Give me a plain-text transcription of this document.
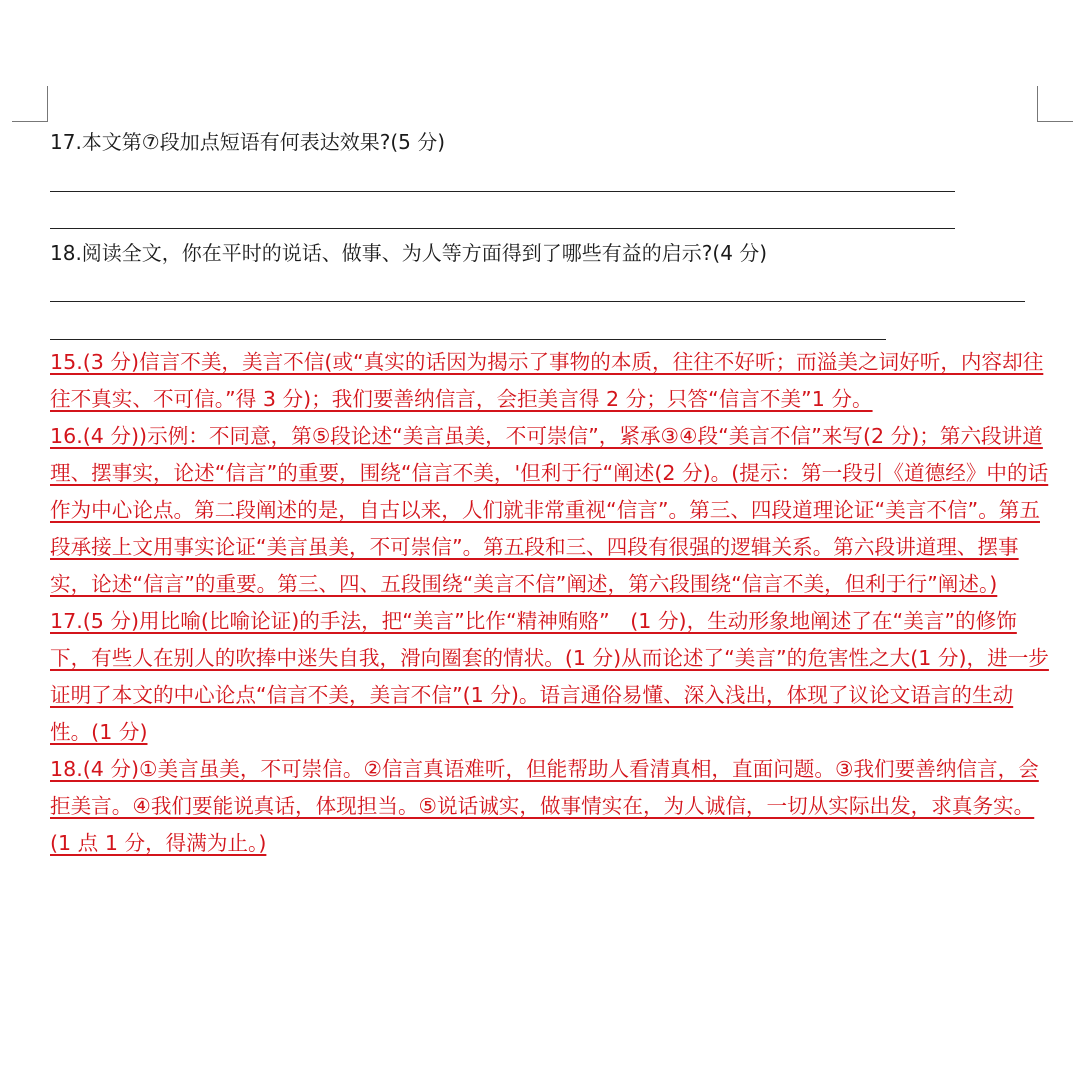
17.本文第⑦段加点短语有何表达效果?(5 分)
18.阅读全文，你在平时的说话、做事、为人等方面得到了哪些有益的启示?(4 分)

15.(3 分)信言不美，美言不信(或“真实的话因为揭示了事物的本质，往往不好听；而溢美之词好听，内容却往往不真实、不可信。”得 3 分)；我们要善纳信言，会拒美言得 2 分；只答“信言不美”1 分。

16.(4 分))示例：不同意，第⑤段论述“美言虽美，不可崇信”，紧承③④段“美言不信”来写(2 分)；第六段讲道理、摆事实，论述“信言”的重要，围绕“信言不美，'但利于行“阐述(2 分)。(提示：第一段引《道德经》中的话作为中心论点。第二段阐述的是，自古以来，人们就非常重视“信言”。第三、四段道理论证“美言不信”。第五段承接上文用事实论证“美言虽美，不可崇信”。第五段和三、四段有很强的逻辑关系。第六段讲道理、摆事实，论述“信言”的重要。第三、四、五段围绕“美言不信”阐述，第六段围绕“信言不美，但利于行”阐述。)

17.(5 分)用比喻(比喻论证)的手法，把“美言”比作“精神贿赂”　(1 分)，生动形象地阐述了在“美言”的修饰下，有些人在别人的吹捧中迷失自我，滑向圈套的情状。(1 分)从而论述了“美言”的危害性之大(1 分)，进一步证明了本文的中心论点“信言不美，美言不信”(1 分)。语言通俗易懂、深入浅出，体现了议论文语言的生动性。(1 分)

18.(4 分)①美言虽美，不可崇信。②信言真语难听，但能帮助人看清真相，直面问题。③我们要善纳信言，会拒美言。④我们要能说真话，体现担当。⑤说话诚实，做事情实在，为人诚信，一切从实际出发，求真务实。(1 点 1 分，得满为止。)
